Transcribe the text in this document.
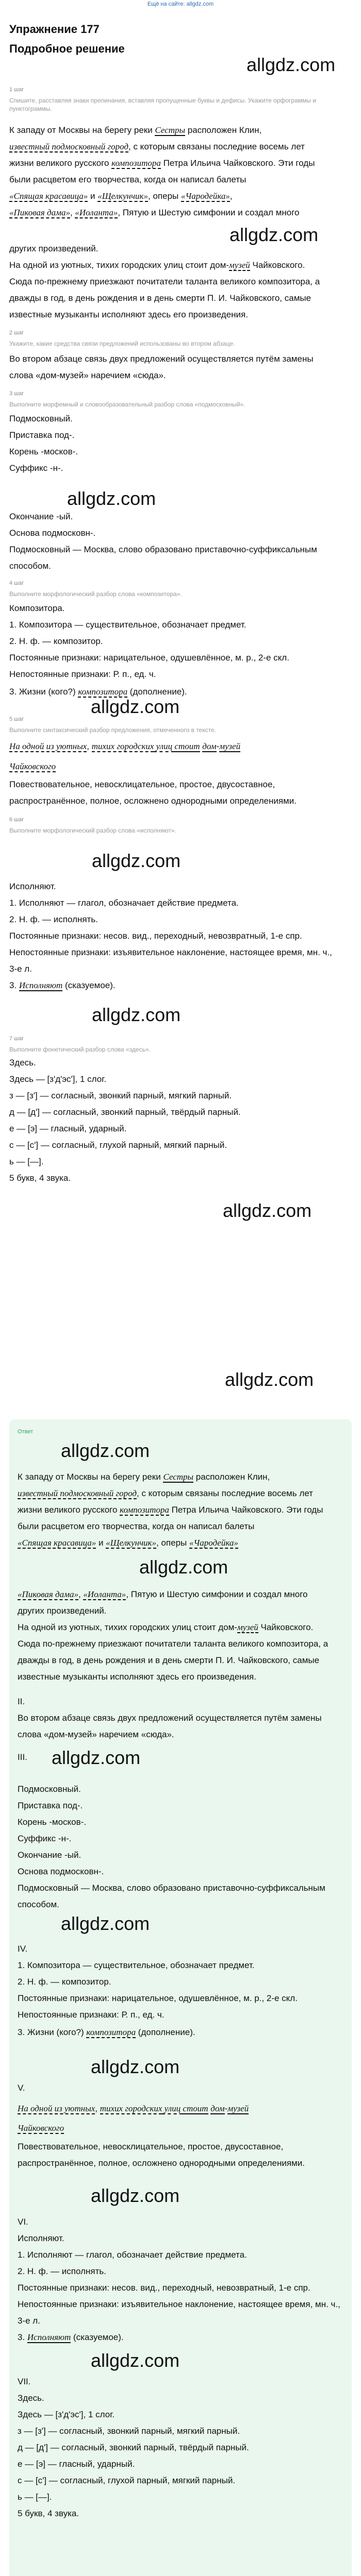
Ещё на сайте: allgdz.com
Упражнение 177
Подробное решение
allgdz.com
allgdz.com
allgdz.com
allgdz.com
allgdz.com
allgdz.com
allgdz.com
allgdz.com
1 шаг
Спишите, расставляя знаки препинания, вставляя пропущенные буквы и дефисы. Укажите орфограммы и пунктограммы.
К западу от Москвы на берегу реки Сестры расположен Клин,
известный подмосковный город, с которым связаны последние восемь лет
жизни великого русского композитора Петра Ильича Чайковского. Эти годы
были расцветом его творчества, когда он написал балеты
«Спящая красавица» и «Щелкунчик», оперы «Чародейка»,
«Пиковая дама», «Иоланта», Пятую и Шестую симфонии и создал много
других произведений.
На одной из уютных, тихих городских улиц стоит дом-музей Чайковского.
Сюда по-прежнему приезжают почитатели таланта великого композитора, а
дважды в год, в день рождения и в день смерти П. И. Чайковского, самые
известные музыканты исполняют здесь его произведения.
2 шаг
Укажите, какие средства связи предложений использованы во втором абзаце.
Во втором абзаце связь двух предложений осуществляется путём замены
слова «дом-музей» наречием «сюда».
3 шаг
Выполните морфемный и словообразовательный разбор слова «подмосковный».
Подмосковный.
Приставка под-.
Корень -москов-.
Суффикс -н-.
Окончание -ый.
Основа подмосковн-.
Подмосковный — Москва, слово образовано приставочно-суффиксальным
способом.
4 шаг
Выполните морфологический разбор слова «композитора».
Композитора.
1. Композитора — существительное, обозначает предмет.
2. Н. ф. — композитор.
Постоянные признаки: нарицательное, одушевлённое, м. р., 2-е скл.
Непостоянные признаки: Р. п., ед. ч.
3. Жизни (кого?) композитора (дополнение).
5 шаг
Выполните синтаксический разбор предложения, отмеченного в тексте.
На одной из уютных, тихих городских улиц стоит дом-музей
Чайковского
Повествовательное, невосклицательное, простое, двусоставное,
распространённое, полное, осложнено однородными определениями.
6 шаг
Выполните морфологический разбор слова «исполняют».
Исполняют.
1. Исполняют — глагол, обозначает действие предмета.
2. Н. ф. — исполнять.
Постоянные признаки: несов. вид., переходный, невозвратный, 1-е спр.
Непостоянные признаки: изъявительное наклонение, настоящее время, мн. ч.,
3-е л.
3. Исполняют (сказуемое).
7 шаг
Выполните фонетический разбор слова «здесь».
Здесь.
Здесь — [з'д'эс'], 1 слог.
з — [з'] — согласный, звонкий парный, мягкий парный.
д — [д'] — согласный, звонкий парный, твёрдый парный.
е — [э] — гласный, ударный.
с — [с'] — согласный, глухой парный, мягкий парный.
ь — [—].
5 букв, 4 звука.
Ответ
allgdz.com
К западу от Москвы на берегу реки Сестры расположен Клин,
известный подмосковный город, с которым связаны последние восемь лет
жизни великого русского композитора Петра Ильича Чайковского. Эти годы
были расцветом его творчества, когда он написал балеты
«Спящая красавица» и «Щелкунчик», оперы «Чародейка»
allgdz.com
«Пиковая дама», «Иоланта», Пятую и Шестую симфонии и создал много
других произведений.
На одной из уютных, тихих городских улиц стоит дом-музей Чайковского.
Сюда по-прежнему приезжают почитатели таланта великого композитора, а
дважды в год, в день рождения и в день смерти П. И. Чайковского, самые
известные музыканты исполняют здесь его произведения.
II.
Во втором абзаце связь двух предложений осуществляется путём замены
слова «дом-музей» наречием «сюда».
III.	allgdz.com
Подмосковный.
Приставка под-.
Корень -москов-.
Суффикс -н-.
Окончание -ый.
Основа подмосковн-.
Подмосковный — Москва, слово образовано приставочно-суффиксальным
способом.
allgdz.com
IV.
1. Композитора — существительное, обозначает предмет.
2. Н. ф. — композитор.
Постоянные признаки: нарицательное, одушевлённое, м. р., 2-е скл.
Непостоянные признаки: Р. п., ед. ч.
3. Жизни (кого?) композитора (дополнение).
allgdz.com
V.
На одной из уютных, тихих городских улиц стоит дом-музей
Чайковского
Повествовательное, невосклицательное, простое, двусоставное,
распространённое, полное, осложнено однородными определениями.
allgdz.com
VI.
Исполняют.
1. Исполняют — глагол, обозначает действие предмета.
2. Н. ф. — исполнять.
Постоянные признаки: несов. вид., переходный, невозвратный, 1-е спр.
Непостоянные признаки: изъявительное наклонение, настоящее время, мн. ч.,
3-е л.
3. Исполняют (сказуемое).
allgdz.com
VII.
Здесь.
Здесь — [з'д'эс'], 1 слог.
з — [з'] — согласный, звонкий парный, мягкий парный.
д — [д'] — согласный, звонкий парный, твёрдый парный.
е — [э] — гласный, ударный.
с — [с'] — согласный, глухой парный, мягкий парный.
ь — [—].
5 букв, 4 звука.
